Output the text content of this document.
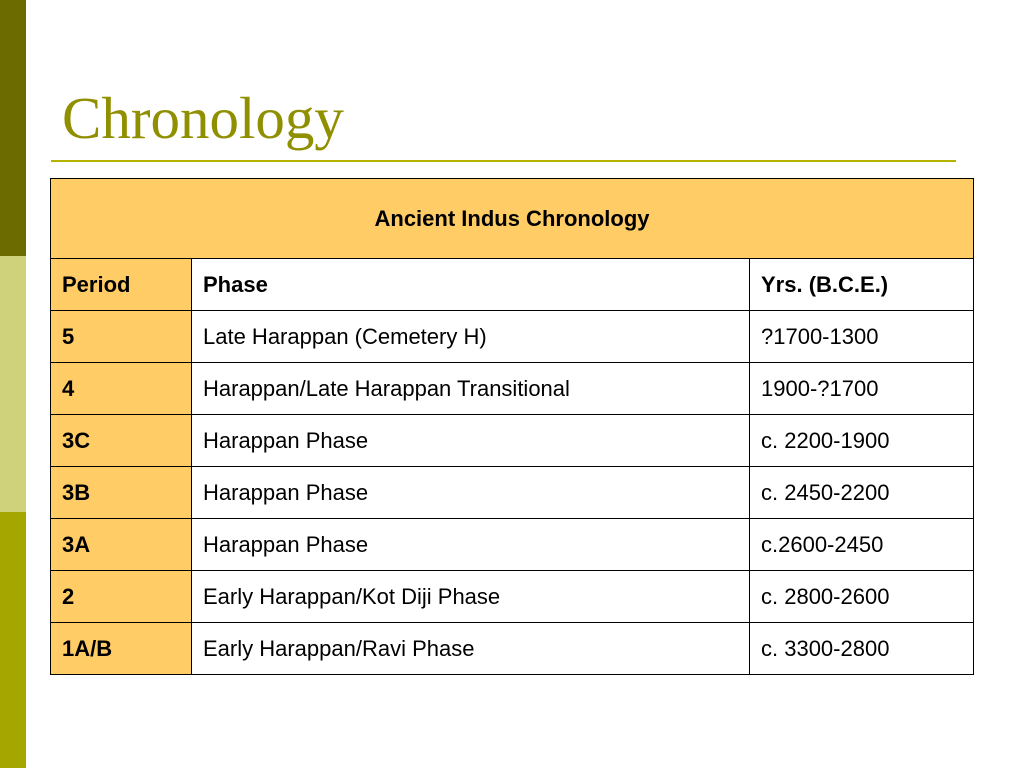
Chronology
Ancient Indus Chronology		
Period	Phase	Yrs. (B.C.E.)
5	Late Harappan (Cemetery H)	?1700-1300
4	Harappan/Late Harappan Transitional	1900-?1700
3C	Harappan Phase	c. 2200-1900
3B	Harappan Phase	c. 2450-2200
3A	Harappan Phase	c.2600-2450
2	Early Harappan/Kot Diji Phase	c. 2800-2600
1A/B	Early Harappan/Ravi Phase	c. 3300-2800
